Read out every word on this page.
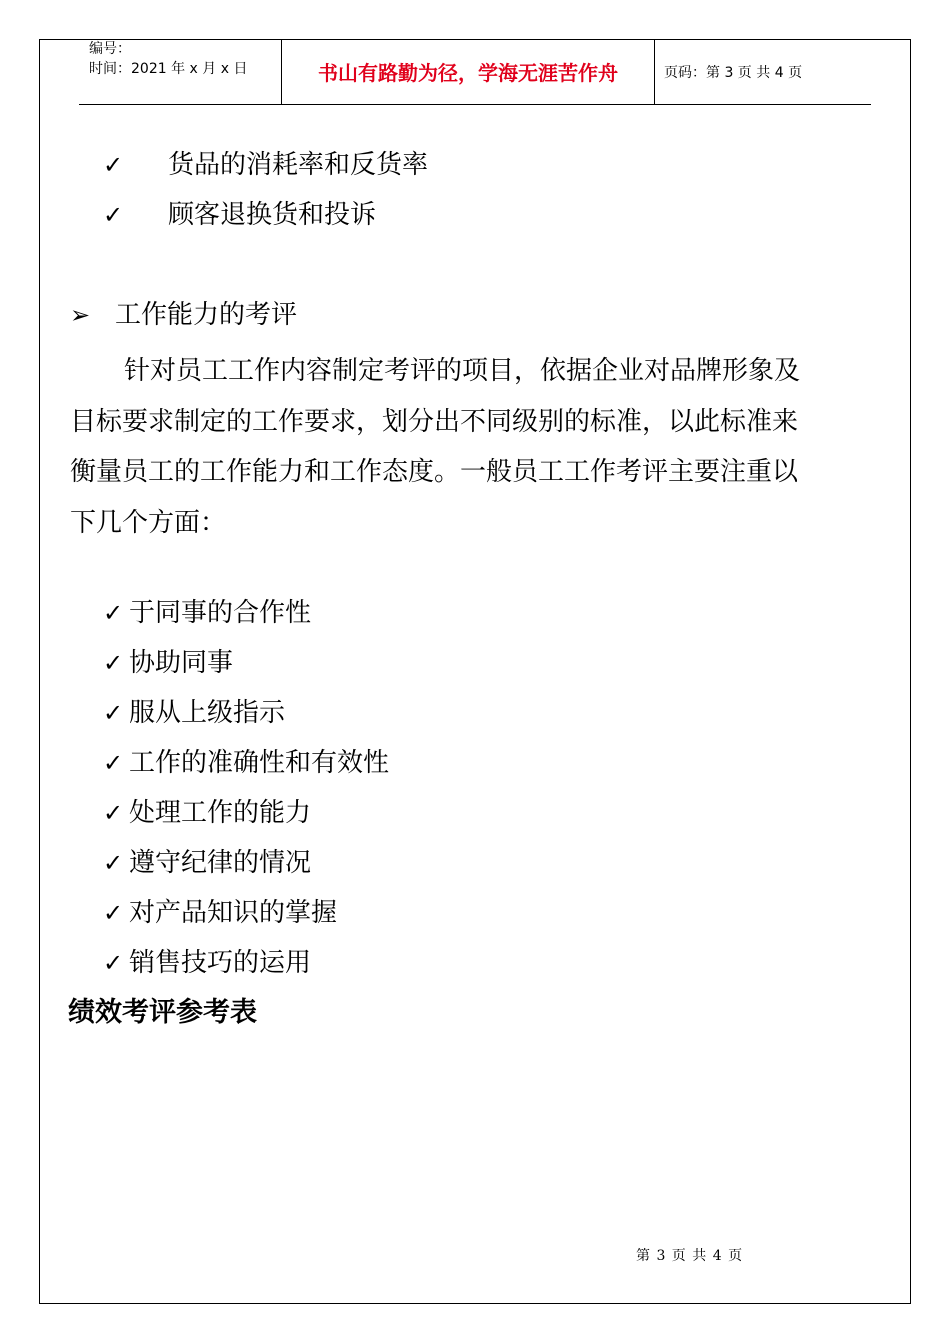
编号：
时间：2021 年 x 月 x 日	书山有路勤为径，学海无涯苦作舟	页码：第 3 页 共 4 页
✓ 货品的消耗率和反货率
✓ 顾客退换货和投诉
➢ 工作能力的考评
针对员工工作内容制定考评的项目，依据企业对品牌形象及
目标要求制定的工作要求，划分出不同级别的标准，以此标准来
衡量员工的工作能力和工作态度。一般员工工作考评主要注重以
下几个方面：
✓ 于同事的合作性
✓ 协助同事
✓ 服从上级指示
✓ 工作的准确性和有效性
✓ 处理工作的能力
✓ 遵守纪律的情况
✓ 对产品知识的掌握
✓ 销售技巧的运用
绩效考评参考表
第 3 页 共 4 页
